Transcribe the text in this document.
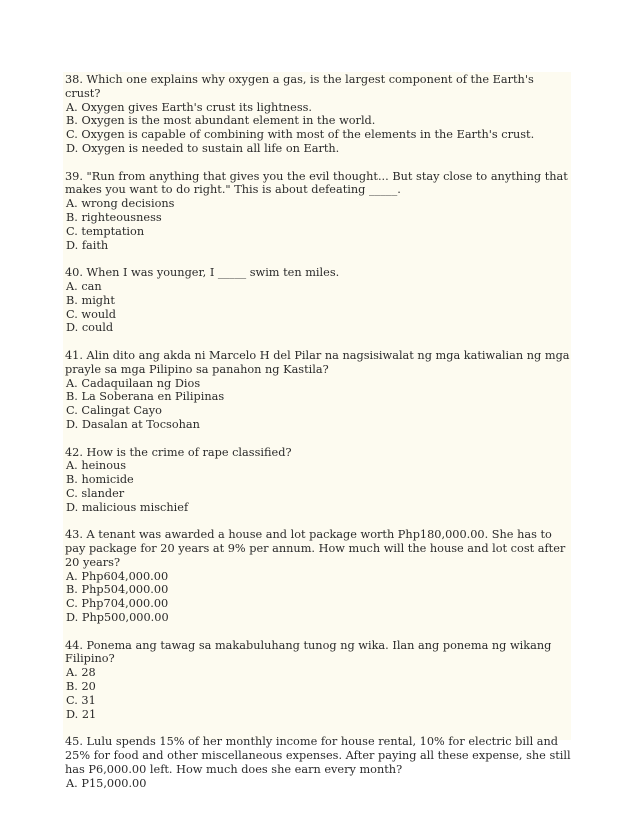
38. Which one explains why oxygen a gas, is the largest component of the Earth's crust?

A. Oxygen gives Earth's crust its lightness.
B. Oxygen is the most abundant element in the world.
C. Oxygen is capable of combining with most of the elements in the Earth's crust.
D. Oxygen is needed to sustain all life on Earth.

39. "Run from anything that gives you the evil thought... But stay close to anything that makes you want to do right." This is about defeating _____.

A. wrong decisions
B. righteousness
C. temptation
D. faith

40. When I was younger, I _____ swim ten miles.

A. can
B. might
C. would
D. could

41. Alin dito ang akda ni Marcelo H del Pilar na nagsisiwalat ng mga katiwalian ng mga prayle sa mga Pilipino sa panahon ng Kastila?

A. Cadaquilaan ng Dios
B. La Soberana en Pilipinas
C. Calingat Cayo
D. Dasalan at Tocsohan

42. How is the crime of rape classified?

A. heinous
B. homicide
C. slander
D. malicious mischief

43. A tenant was awarded a house and lot package worth Php180,000.00. She has to pay package for 20 years at 9% per annum. How much will the house and lot cost after 20 years?

A. Php604,000.00
B. Php504,000.00
C. Php704,000.00
D. Php500,000.00

44. Ponema ang tawag sa makabuluhang tunog ng wika. Ilan ang ponema ng wikang Filipino?

A. 28
B. 20
C. 31
D. 21

45. Lulu spends 15% of her monthly income for house rental, 10% for electric bill and 25% for food and other miscellaneous expenses. After paying all these expense, she still has P6,000.00 left. How much does she earn every month?

A. P15,000.00
